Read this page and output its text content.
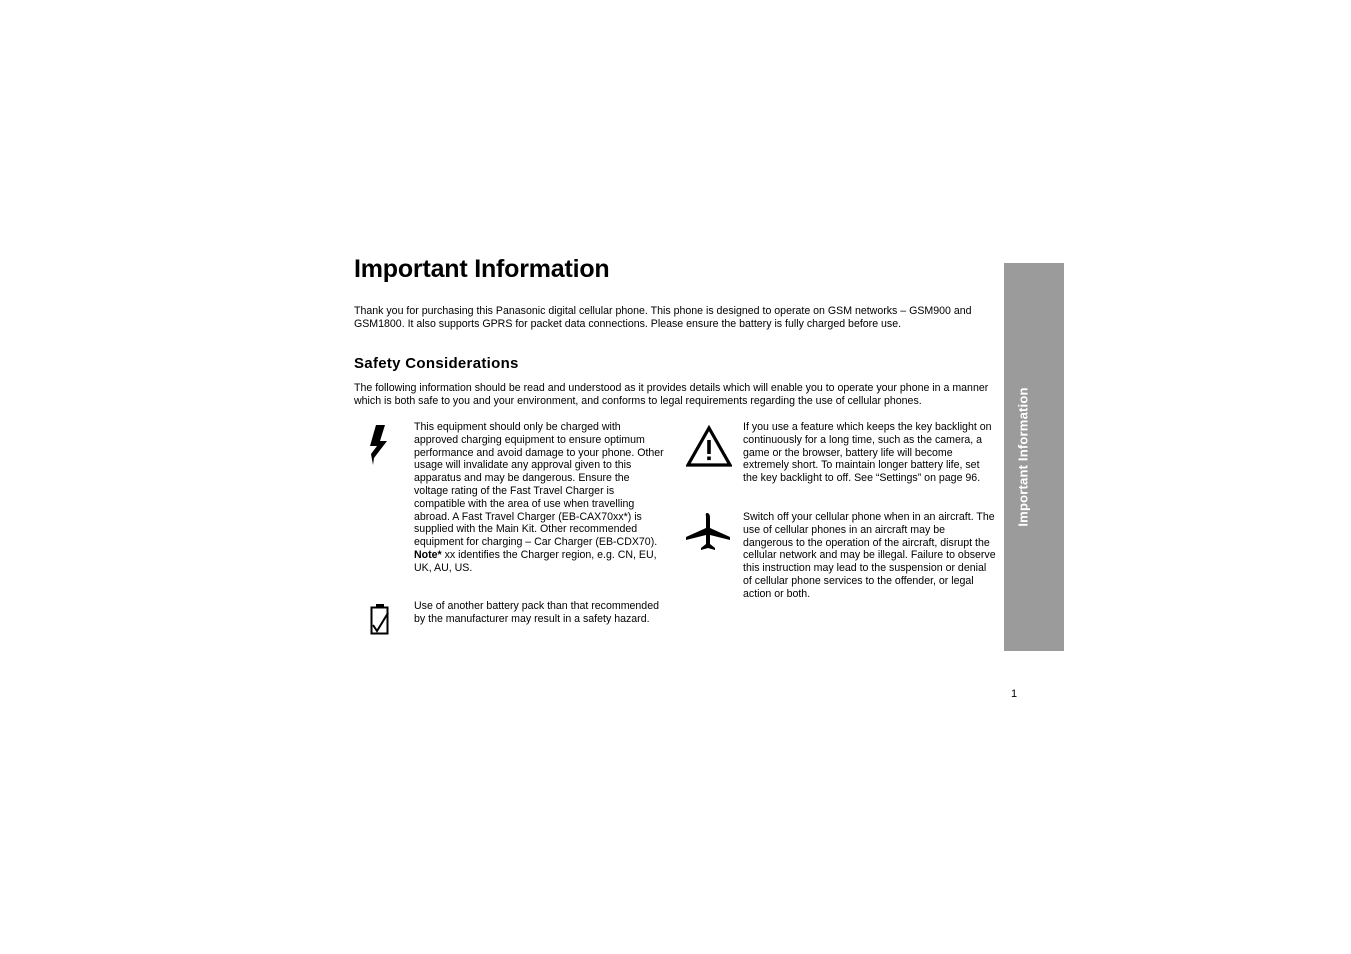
Important Information

Thank you for purchasing this Panasonic digital cellular phone. This phone is designed to operate on GSM networks – GSM900 and GSM1800. It also supports GPRS for packet data connections. Please ensure the battery is fully charged before use.

Safety Considerations

The following information should be read and understood as it provides details which will enable you to operate your phone in a manner which is both safe to you and your environment, and conforms to legal requirements regarding the use of cellular phones.

This equipment should only be charged with approved charging equipment to ensure optimum performance and avoid damage to your phone. Other usage will invalidate any approval given to this apparatus and may be dangerous. Ensure the voltage rating of the Fast Travel Charger is compatible with the area of use when travelling abroad. A Fast Travel Charger (EB-CAX70xx*) is supplied with the Main Kit. Other recommended equipment for charging – Car Charger (EB-CDX70).
Note* xx identifies the Charger region, e.g. CN, EU, UK, AU, US.

Use of another battery pack than that recommended by the manufacturer may result in a safety hazard.

If you use a feature which keeps the key backlight on continuously for a long time, such as the camera, a game or the browser, battery life will become extremely short. To maintain longer battery life, set the key backlight to off. See “Settings” on page 96.

Switch off your cellular phone when in an aircraft. The use of cellular phones in an aircraft may be dangerous to the operation of the aircraft, disrupt the cellular network and may be illegal. Failure to observe this instruction may lead to the suspension or denial of cellular phone services to the offender, or legal action or both.

Important Information
1
